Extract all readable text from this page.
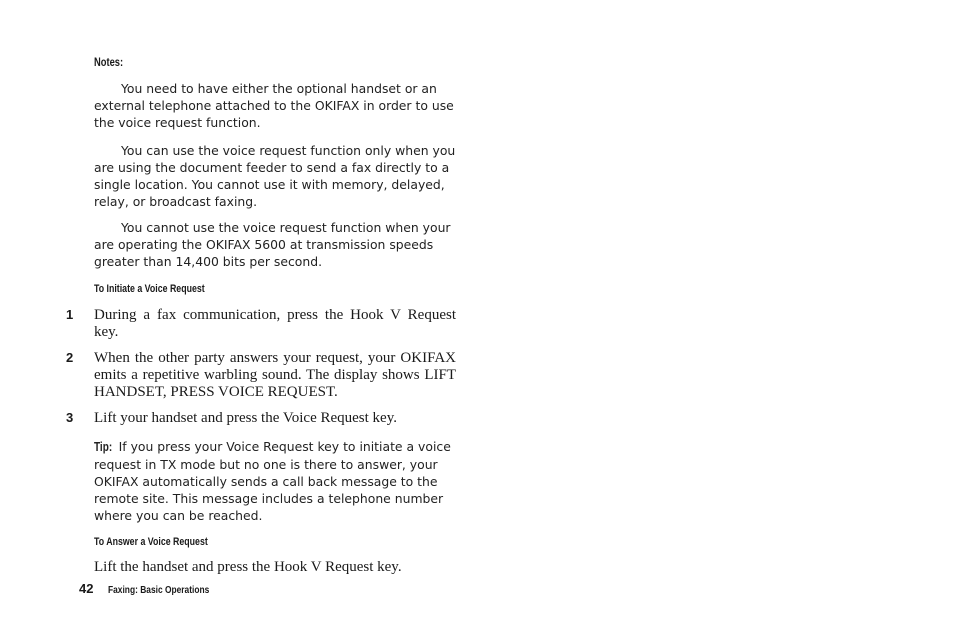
Notes:
You need to have either the optional handset or an external telephone attached to the OKIFAX in order to use the voice request function.
You can use the voice request function only when you are using the document feeder to send a fax directly to a single location. You cannot use it with memory, delayed, relay, or broadcast faxing.
You cannot use the voice request function when your are operating the OKIFAX 5600 at transmission speeds greater than 14,400 bits per second.
To Initiate a Voice Request
1 During a fax communication, press the Hook V Request key.
2 When the other party answers your request, your OKIFAX emits a repetitive warbling sound. The display shows LIFT HANDSET, PRESS VOICE REQUEST.
3 Lift your handset and press the Voice Request key.
Tip: If you press your Voice Request key to initiate a voice request in TX mode but no one is there to answer, your OKIFAX automatically sends a call back message to the remote site. This message includes a telephone number where you can be reached.
To Answer a Voice Request
Lift the handset and press the Hook V Request key.
42 Faxing: Basic Operations
